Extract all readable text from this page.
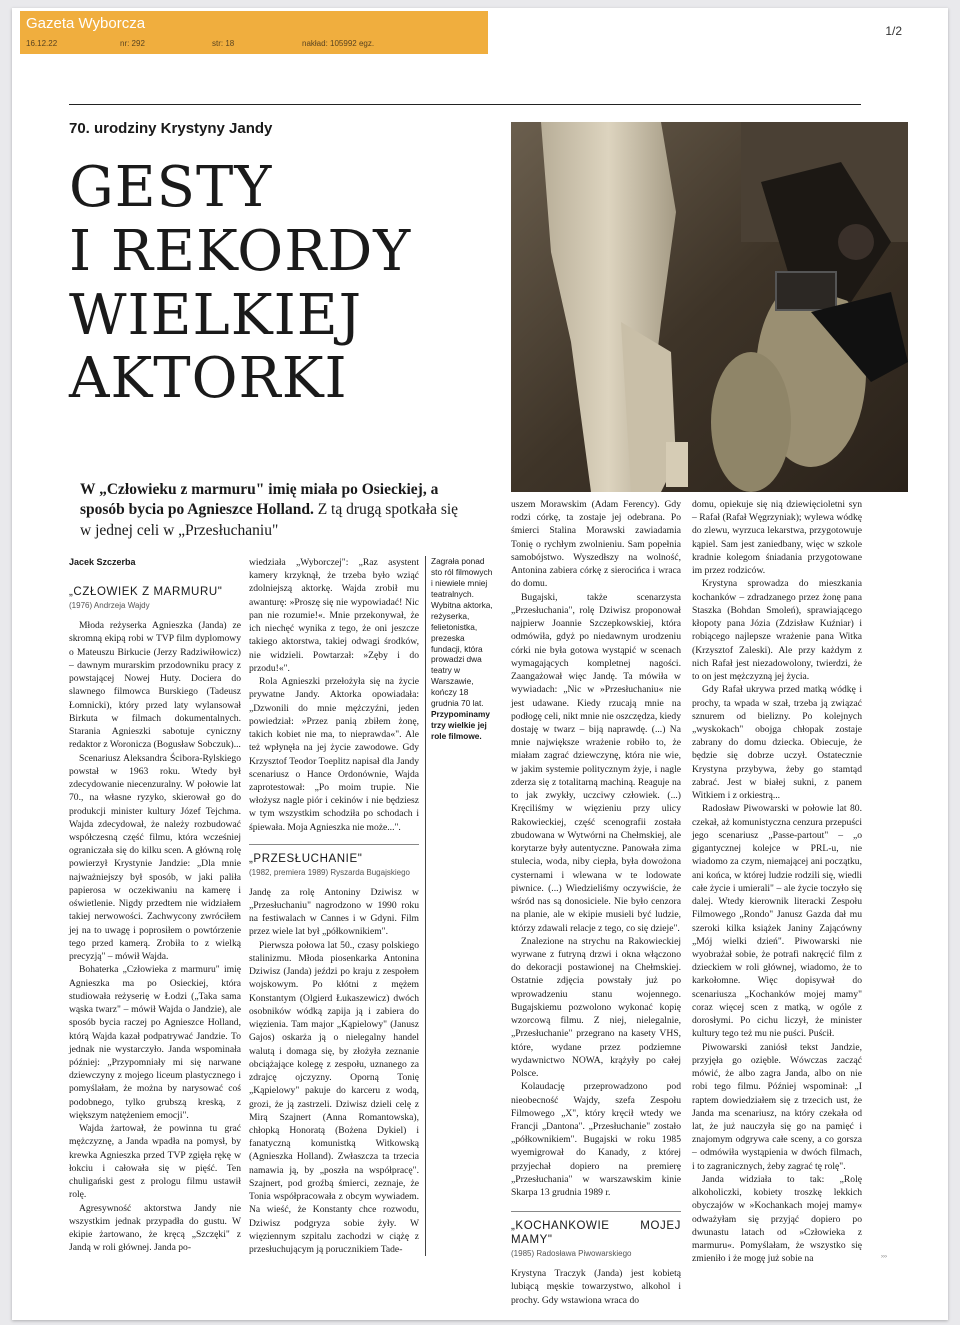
Gazeta Wyborcza
16.12.22	nr: 292	str: 18	nakład: 105992 egz.
1/2
70. urodziny Krystyny Jandy
GESTY
I REKORDY
WIELKIEJ
AKTORKI
W „Człowieku z marmuru" imię miała po Osieckiej, a sposób bycia po Agnieszce Holland. Z tą drugą spotkała się w jednej celi w „Przesłuchaniu"

Jacek Szczerba

„CZŁOWIEK Z MARMURU"
(1976) Andrzeja Wajdy

Młoda reżyserka Agnieszka (Janda) ze skromną ekipą robi w TVP film dyplomowy o Mateuszu Birkucie (Jerzy Radziwiłowicz) – dawnym murarskim przodowniku pracy z powstającej Nowej Huty. Dociera do slawnego filmowca Burskiego (Tadeusz Łomnicki), który przed laty wylansował Birkuta w filmach dokumentalnych. Starania Agnieszki sabotuje cyniczny redaktor z Woronicza (Bogusław Sobczuk)...

Scenariusz Aleksandra Ścibora-Rylskiego powstał w 1963 roku. Wtedy był zdecydowanie niecenzuralny. W połowie lat 70., na własne ryzyko, skierował go do produkcji minister kultury Józef Tejchma. Wajda zdecydował, że należy rozbudować współczesną część filmu, która wcześniej ograniczała się do kilku scen. A główną rolę powierzył Krystynie Jandzie: „Dla mnie najważniejszy był sposób, w jaki paliła papierosa w oczekiwaniu na kamerę i oświetlenie. Nigdy przedtem nie widziałem takiej nerwowości. Zachwycony zwróciłem jej na to uwagę i poprosiłem o powtórzenie tego przed kamerą. Zrobiła to z wielką precyzją" – mówił Wajda.

Bohaterka „Człowieka z marmuru" imię Agnieszka ma po Osieckiej, która studiowała reżyserię w Łodzi („Taka sama wąska twarz" – mówił Wajda o Jandzie), ale sposób bycia raczej po Agnieszce Holland, którą Wajda kazał podpatrywać Jandzie. To jednak nie wystarczyło. Janda wspominała później: „Przypomniały mi się narwane dziewczyny z mojego liceum plastycznego i pomyślałam, że można by narysować coś podobnego, tylko grubszą kreską, z większym natężeniem emocji".

Wajda żartował, że powinna tu grać mężczyznę, a Janda wpadła na pomysł, by krewka Agnieszka przed TVP zgięła rękę w łokciu i całowała się w pięść. Ten chuligański gest z prologu filmu ustawił rolę.

Agresywność aktorstwa Jandy nie wszystkim jednak przypadła do gustu. W ekipie żartowano, że kręcą „Szczęki" z Jandą w roli głównej. Janda po-

wiedziała „Wyborczej": „Raz asystent kamery krzyknął, że trzeba było wziąć zdolniejszą aktorkę. Wajda zrobił mu awanturę: »Proszę się nie wypowiadać! Nic pan nie rozumie!«. Mnie przekonywał, że ich niechęć wynika z tego, że oni jeszcze takiego aktorstwa, takiej odwagi środków, nie widzieli. Powtarzał: »Zęby i do przodu!«".

Rola Agnieszki przełożyła się na życie prywatne Jandy. Aktorka opowiadała: „Dzwonili do mnie mężczyźni, jeden powiedział: »Przez panią zbiłem żonę, takich kobiet nie ma, to nieprawda«". Ale też wpłynęła na jej życie zawodowe. Gdy Krzysztof Teodor Toeplitz napisał dla Jandy scenariusz o Hance Ordonównie, Wajda zaprotestował: „Po moim trupie. Nie włożysz nagle piór i cekinów i nie będziesz w tym wszystkim schodziła po schodach i śpiewała. Moja Agnieszka nie może...".

„PRZESŁUCHANIE"
(1982, premiera 1989) Ryszarda Bugajskiego

Jandę za rolę Antoniny Dziwisz w „Przesłuchaniu" nagrodzono w 1990 roku na festiwalach w Cannes i w Gdyni. Film przez wiele lat był „półkownikiem".

Pierwsza połowa lat 50., czasy polskiego stalinizmu. Młoda piosenkarka Antonina Dziwisz (Janda) jeździ po kraju z zespołem wojskowym. Po kłótni z mężem Konstantym (Olgierd Łukaszewicz) dwóch osobników wódką zapija ją i zabiera do więzienia. Tam major „Kąpielowy" (Janusz Gajos) oskarża ją o nielegalny handel walutą i domaga się, by złożyła zeznanie obciążające kolegę z zespołu, uznanego za zdrajcę ojczyzny. Oporną Tonię „Kąpielowy" pakuje do karceru z wodą, grozi, że ją zastrzeli. Dziwisz dzieli celę z Mirą Szajnert (Anna Romantowska), chłopką Honoratą (Bożena Dykiel) i fanatyczną komunistką Witkowską (Agnieszka Holland). Zwłaszcza ta trzecia namawia ją, by „poszła na współpracę". Szajnert, pod groźbą śmierci, zeznaje, że Tonia współpracowała z obcym wywiadem. Na wieść, że Konstanty chce rozwodu, Dziwisz podgryza sobie żyły. W więziennym szpitalu zachodzi w ciążę z przesłuchującym ją porucznikiem Tade-

Zagrała ponad sto ról filmowych i niewiele mniej teatralnych. Wybitna aktorka, reżyserka, felietonistka, prezeska fundacji, która prowadzi dwa teatry w Warszawie, kończy 18 grudnia 70 lat.
Przypominamy trzy wielkie jej role filmowe.

uszem Morawskim (Adam Ferency). Gdy rodzi córkę, ta zostaje jej odebrana. Po śmierci Stalina Morawski zawiadamia Tonię o rychłym zwolnieniu. Sam popełnia samobójstwo. Wyszedłszy na wolność, Antonina zabiera córkę z sierocińca i wraca do domu.

Bugajski, także scenarzysta „Przesłuchania", rolę Dziwisz proponował najpierw Joannie Szczepkowskiej, która odmówiła, gdyż po niedawnym urodzeniu córki nie była gotowa wystąpić w scenach wymagających kompletnej nagości. Zaangażował więc Jandę. Ta mówiła w wywiadach: „Nic w »Przesłuchaniu« nie jest udawane. Kiedy rzucają mnie na podłogę celi, nikt mnie nie oszczędza, kiedy dostaję w twarz – biją naprawdę. (...) Na mnie największe wrażenie robiło to, że miałam zagrać dziewczynę, która nie wie, w jakim systemie politycznym żyje, i nagle zderza się z totalitarną machiną. Reaguje na to jak zwykły, uczciwy człowiek. (...) Kręciliśmy w więzieniu przy ulicy Rakowieckiej, część scenografii została zbudowana w Wytwórni na Chełmskiej, ale korytarze były autentyczne. Panowała zima stulecia, woda, niby ciepła, była dowożona cysternami i wlewana w te lodowate piwnice. (...) Wiedzieliśmy oczywiście, że wśród nas są donosiciele. Nie było cenzora na planie, ale w ekipie musieli być ludzie, którzy zdawali relacje z tego, co się dzieje".

Znalezione na strychu na Rakowieckiej wyrwane z futryną drzwi i okna włączono do dekoracji postawionej na Chełmskiej. Ostatnie zdjęcia powstały już po wprowadzeniu stanu wojennego. Bugajskiemu pozwolono wykonać kopię wzorcową filmu. Z niej, nielegalnie, „Przesłuchanie" przegrano na kasety VHS, które, wydane przez podziemne wydawnictwo NOWA, krążyły po całej Polsce.

Kolaudację przeprowadzono pod nieobecność Wajdy, szefa Zespołu Filmowego „X", który kręcił wtedy we Francji „Dantona". „Przesłuchanie" zostało „półkownikiem". Bugajski w roku 1985 wyemigrował do Kanady, z której przyjechał dopiero na premierę „Przesłuchania" w warszawskim kinie Skarpa 13 grudnia 1989 r.

„KOCHANKOWIE MOJEJ MAMY"
(1985) Radosława Piwowarskiego

Krystyna Traczyk (Janda) jest kobietą lubiącą męskie towarzystwo, alkohol i prochy. Gdy wstawiona wraca do

domu, opiekuje się nią dziewięcioletni syn – Rafał (Rafał Węgrzyniak); wylewa wódkę do zlewu, wyrzuca lekarstwa, przygotowuje kąpiel. Sam jest zaniedbany, więc w szkole kradnie kolegom śniadania przygotowane im przez rodziców.

Krystyna sprowadza do mieszkania kochanków – zdradzanego przez żonę pana Staszka (Bohdan Smoleń), sprawiającego kłopoty pana Józia (Zdzisław Kuźniar) i robiącego najlepsze wrażenie pana Witka (Krzysztof Zaleski). Ale przy każdym z nich Rafał jest niezadowolony, twierdzi, że to on jest mężczyzną jej życia.

Gdy Rafał ukrywa przed matką wódkę i prochy, ta wpada w szał, trzeba ją związać sznurem od bielizny. Po kolejnych „wyskokach" obojga chłopak zostaje zabrany do domu dziecka. Obiecuje, że będzie się dobrze uczył. Ostatecznie Krystyna przybywa, żeby go stamtąd zabrać. Jest w białej sukni, z panem Witkiem i z orkiestrą...

Radosław Piwowarski w połowie lat 80. czekał, aż komunistyczna cenzura przepuści jego scenariusz „Passe-partout" – „o gigantycznej kolejce w PRL-u, nie wiadomo za czym, niemającej ani początku, ani końca, w której ludzie rodzili się, wiedli całe życie i umierali" – ale życie toczyło się dalej. Wtedy kierownik literacki Zespołu Filmowego „Rondo" Janusz Gazda dał mu szeroki kilka książek Janiny Zającówny „Mój wielki dzień". Piwowarski nie wyobrażał sobie, że potrafi nakręcić film z dzieckiem w roli głównej, wiadomo, że to karkołomne. Więc dopisywał do scenariusza „Kochanków mojej mamy" coraz więcej scen z matką, w ogóle z dorosłymi. Po cichu liczył, że minister kultury tego też mu nie puści. Puścił.

Piwowarski zaniósł tekst Jandzie, przyjęła go ozięble. Wówczas zacząć mówić, że albo zagra Janda, albo on nie robi tego filmu. Później wspominał: „I raptem dowiedziałem się z trzecich ust, że Janda ma scenariusz, na który czekała od lat, że już nauczyła się go na pamięć i znajomym odgrywa całe sceny, a co gorsza – odmówiła wystąpienia w dwóch filmach, i to zagranicznych, żeby zagrać tę rolę".

Janda widziała to tak: „Rolę alkoholiczki, kobiety troszkę lekkich obyczajów w »Kochankach mojej mamy« odważyłam się przyjąć dopiero po dwunastu latach od »Człowieka z marmuru«. Pomyślałam, że wszystko się zmieniło i że mogę już sobie na	›››
